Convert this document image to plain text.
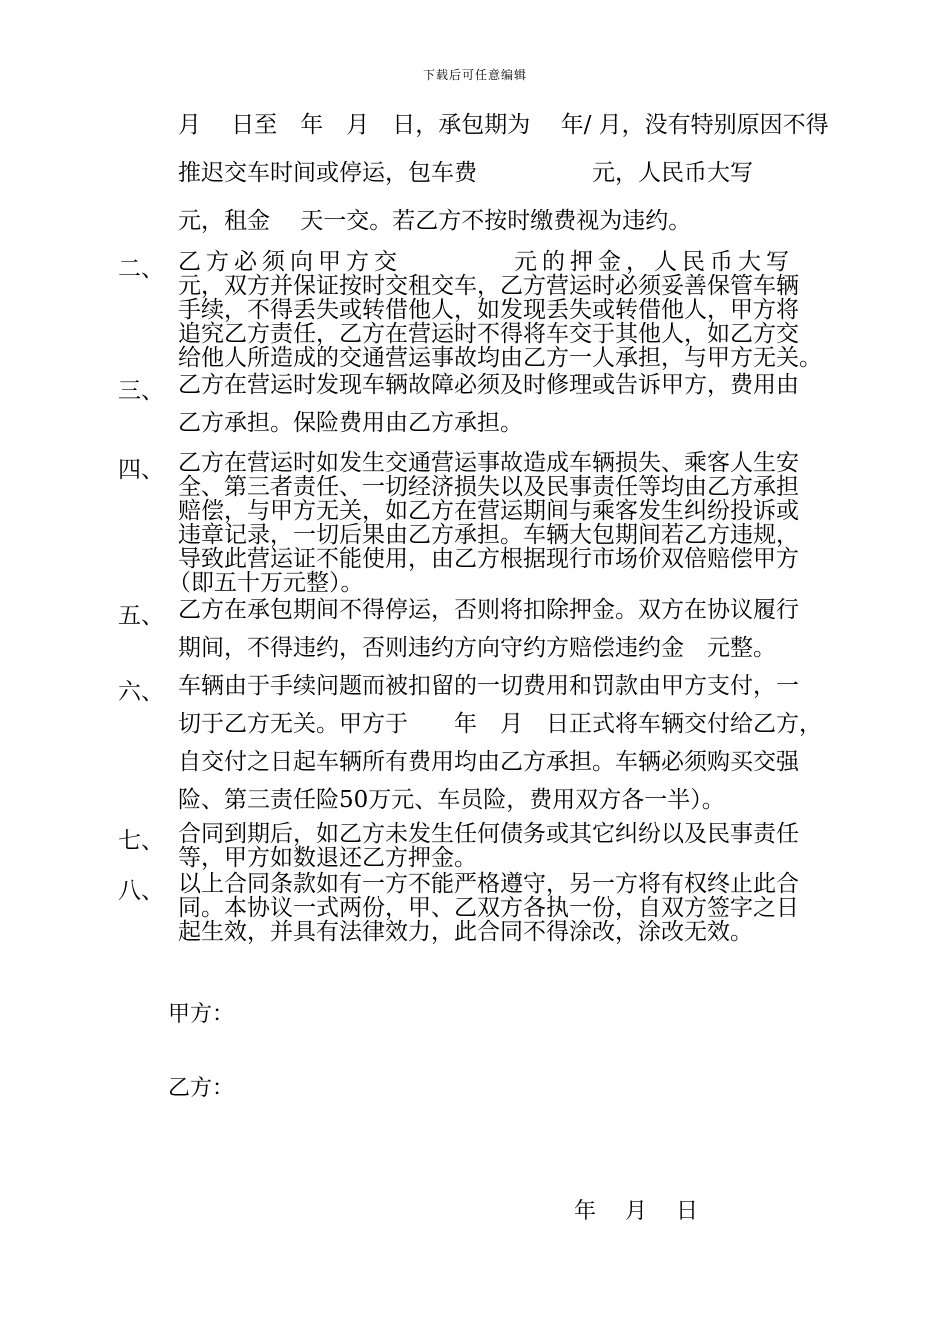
下载后可任意编辑
月　 日至　年　月　日，承包期为　 年/ 月，没有特别原因不得
推迟交车时间或停运，包车费　　　　　元，人民币大写
元，租金　 天一交。若乙方不按时缴费视为违约。
二、 乙方必须向甲方交　　　　元的押金，人民币大写
元，双方并保证按时交租交车，乙方营运时必须妥善保管车辆
手续，不得丢失或转借他人，如发现丢失或转借他人，甲方将
追究乙方责任，乙方在营运时不得将车交于其他人，如乙方交
给他人所造成的交通营运事故均由乙方一人承担，与甲方无关。
三、 乙方在营运时发现车辆故障必须及时修理或告诉甲方，费用由
乙方承担。保险费用由乙方承担。
四、 乙方在营运时如发生交通营运事故造成车辆损失、乘客人生安
全、第三者责任、一切经济损失以及民事责任等均由乙方承担
赔偿，与甲方无关，如乙方在营运期间与乘客发生纠纷投诉或
违章记录，一切后果由乙方承担。车辆大包期间若乙方违规，
导致此营运证不能使用，由乙方根据现行市场价双倍赔偿甲方
（即五十万元整）。
五、 乙方在承包期间不得停运，否则将扣除押金。双方在协议履行
期间，不得违约，否则违约方向守约方赔偿违约金　元整。
六、 车辆由于手续问题而被扣留的一切费用和罚款由甲方支付，一
切于乙方无关。甲方于　　年　月　日正式将车辆交付给乙方，
自交付之日起车辆所有费用均由乙方承担。车辆必须购买交强
险、第三责任险50万元、车员险，费用双方各一半）。
七、 合同到期后，如乙方未发生任何债务或其它纠纷以及民事责任
等，甲方如数退还乙方押金。
八、 以上合同条款如有一方不能严格遵守，另一方将有权终止此合
同。本协议一式两份，甲、乙双方各执一份，自双方签字之日
起生效，并具有法律效力，此合同不得涂改，涂改无效。
甲方：
乙方：
年　 月　 日
